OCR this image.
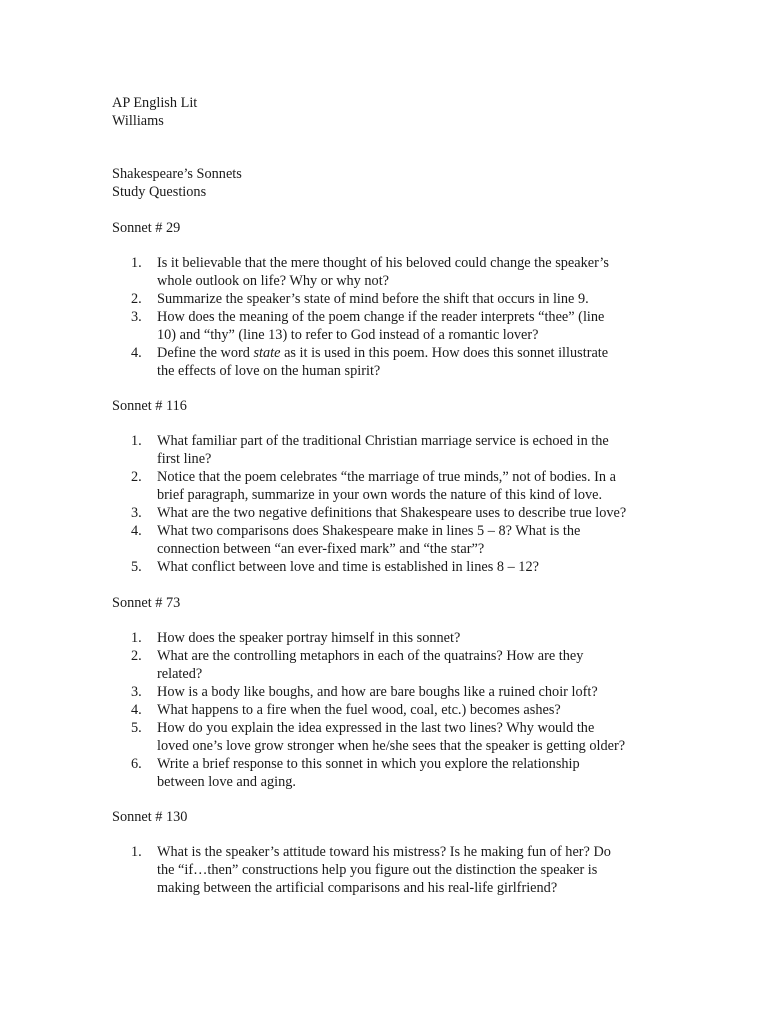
AP English Lit
Williams
Shakespeare’s Sonnets
Study Questions
Sonnet # 29
1. Is it believable that the mere thought of his beloved could change the speaker’s whole outlook on life? Why or why not?
2. Summarize the speaker’s state of mind before the shift that occurs in line 9.
3. How does the meaning of the poem change if the reader interprets “thee” (line 10) and “thy” (line 13) to refer to God instead of a romantic lover?
4. Define the word state as it is used in this poem. How does this sonnet illustrate the effects of love on the human spirit?
Sonnet # 116
1. What familiar part of the traditional Christian marriage service is echoed in the first line?
2. Notice that the poem celebrates “the marriage of true minds,” not of bodies. In a brief paragraph, summarize in your own words the nature of this kind of love.
3. What are the two negative definitions that Shakespeare uses to describe true love?
4. What two comparisons does Shakespeare make in lines 5 – 8? What is the connection between “an ever-fixed mark” and “the star”?
5. What conflict between love and time is established in lines 8 – 12?
Sonnet # 73
1. How does the speaker portray himself in this sonnet?
2. What are the controlling metaphors in each of the quatrains? How are they related?
3. How is a body like boughs, and how are bare boughs like a ruined choir loft?
4. What happens to a fire when the fuel wood, coal, etc.) becomes ashes?
5. How do you explain the idea expressed in the last two lines? Why would the loved one’s love grow stronger when he/she sees that the speaker is getting older?
6. Write a brief response to this sonnet in which you explore the relationship between love and aging.
Sonnet # 130
1. What is the speaker’s attitude toward his mistress? Is he making fun of her? Do the “if…then” constructions help you figure out the distinction the speaker is making between the artificial comparisons and his real-life girlfriend?
